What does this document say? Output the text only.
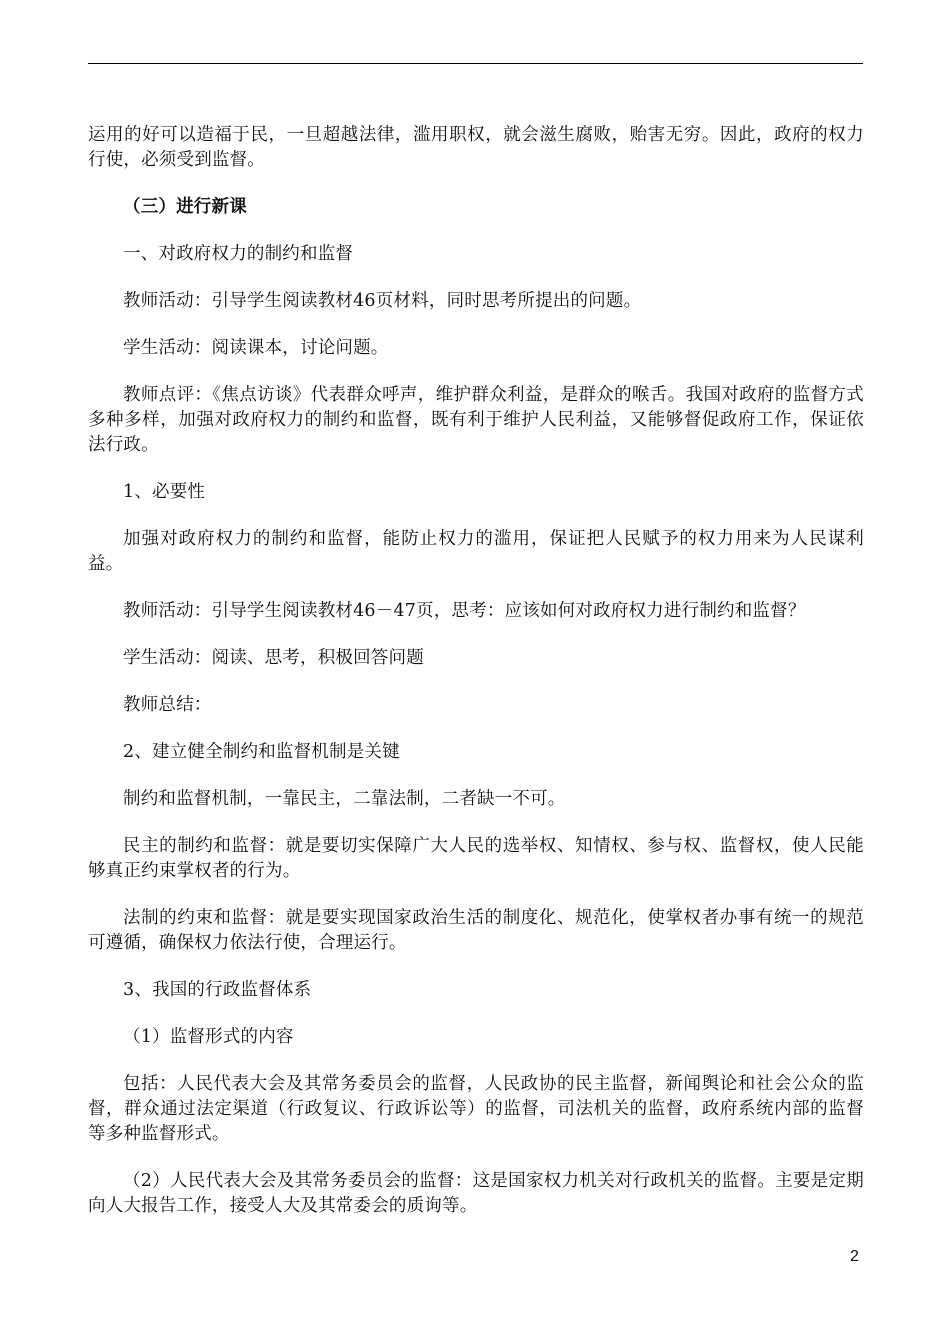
运用的好可以造福于民，一旦超越法律，滥用职权，就会滋生腐败，贻害无穷。因此，政府的权力行使，必须受到监督。

（三）进行新课

一、对政府权力的制约和监督

教师活动：引导学生阅读教材46页材料，同时思考所提出的问题。

学生活动：阅读课本，讨论问题。

教师点评：《焦点访谈》代表群众呼声，维护群众利益，是群众的喉舌。我国对政府的监督方式多种多样，加强对政府权力的制约和监督，既有利于维护人民利益，又能够督促政府工作，保证依法行政。

1、必要性

加强对政府权力的制约和监督，能防止权力的滥用，保证把人民赋予的权力用来为人民谋利益。

教师活动：引导学生阅读教材46－47页，思考：应该如何对政府权力进行制约和监督？

学生活动：阅读、思考，积极回答问题

教师总结：

2、建立健全制约和监督机制是关键

制约和监督机制，一靠民主，二靠法制，二者缺一不可。

民主的制约和监督：就是要切实保障广大人民的选举权、知情权、参与权、监督权，使人民能够真正约束掌权者的行为。

法制的约束和监督：就是要实现国家政治生活的制度化、规范化，使掌权者办事有统一的规范可遵循，确保权力依法行使，合理运行。

3、我国的行政监督体系

（1）监督形式的内容

包括：人民代表大会及其常务委员会的监督，人民政协的民主监督，新闻舆论和社会公众的监督，群众通过法定渠道（行政复议、行政诉讼等）的监督，司法机关的监督，政府系统内部的监督等多种监督形式。

（2）人民代表大会及其常务委员会的监督：这是国家权力机关对行政机关的监督。主要是定期向人大报告工作，接受人大及其常委会的质询等。

2
